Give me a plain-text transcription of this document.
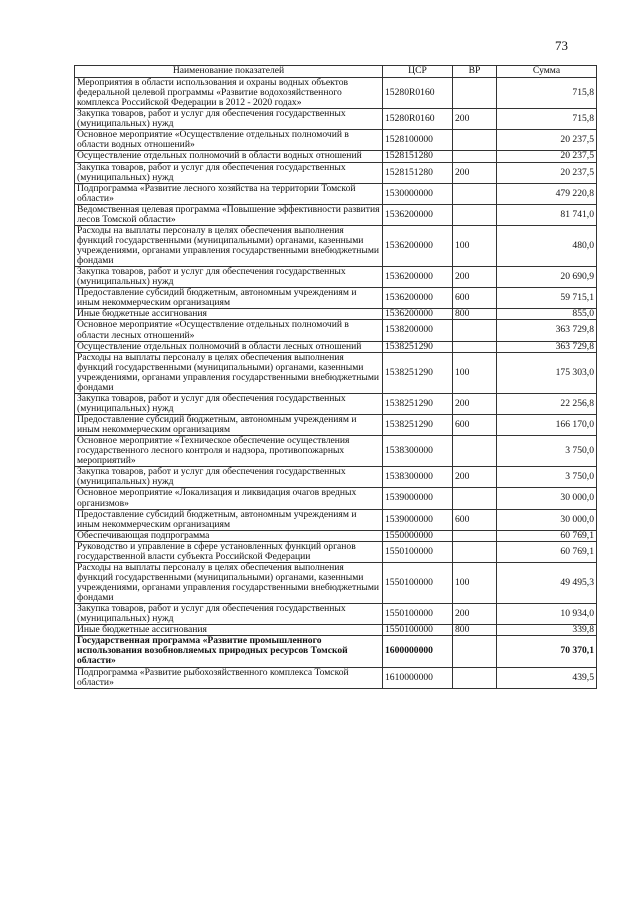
73
Наименование показателей	ЦСР	ВР	Сумма
Мероприятия в области использования и охраны водных объектов федеральной целевой программы «Развитие водохозяйственного комплекса Российской Федерации в 2012 - 2020 годах»	15280R0160		715,8
Закупка товаров, работ и услуг для обеспечения государственных (муниципальных) нужд	15280R0160	200	715,8
Основное мероприятие «Осуществление отдельных полномочий в области водных отношений»	1528100000		20 237,5
Осуществление отдельных полномочий в области водных отношений	1528151280		20 237,5
Закупка товаров, работ и услуг для обеспечения государственных (муниципальных) нужд	1528151280	200	20 237,5
Подпрограмма «Развитие лесного хозяйства на территории Томской области»	1530000000		479 220,8
Ведомственная целевая программа «Повышение эффективности развития лесов Томской области»	1536200000		81 741,0
Расходы на выплаты персоналу в целях обеспечения выполнения функций государственными (муниципальными) органами, казенными учреждениями, органами управления государственными внебюджетными фондами	1536200000	100	480,0
Закупка товаров, работ и услуг для обеспечения государственных (муниципальных) нужд	1536200000	200	20 690,9
Предоставление субсидий бюджетным, автономным учреждениям и иным некоммерческим организациям	1536200000	600	59 715,1
Иные бюджетные ассигнования	1536200000	800	855,0
Основное мероприятие «Осуществление отдельных полномочий в области лесных отношений»	1538200000		363 729,8
Осуществление отдельных полномочий в области лесных отношений	1538251290		363 729,8
Расходы на выплаты персоналу в целях обеспечения выполнения функций государственными (муниципальными) органами, казенными учреждениями, органами управления государственными внебюджетными фондами	1538251290	100	175 303,0
Закупка товаров, работ и услуг для обеспечения государственных (муниципальных) нужд	1538251290	200	22 256,8
Предоставление субсидий бюджетным, автономным учреждениям и иным некоммерческим организациям	1538251290	600	166 170,0
Основное мероприятие «Техническое обеспечение осуществления государственного лесного контроля и надзора, противопожарных мероприятий»	1538300000		3 750,0
Закупка товаров, работ и услуг для обеспечения государственных (муниципальных) нужд	1538300000	200	3 750,0
Основное мероприятие «Локализация и ликвидация очагов вредных организмов»	1539000000		30 000,0
Предоставление субсидий бюджетным, автономным учреждениям и иным некоммерческим организациям	1539000000	600	30 000,0
Обеспечивающая подпрограмма	1550000000		60 769,1
Руководство и управление в сфере установленных функций органов государственной власти субъекта Российской Федерации	1550100000		60 769,1
Расходы на выплаты персоналу в целях обеспечения выполнения функций государственными (муниципальными) органами, казенными учреждениями, органами управления государственными внебюджетными фондами	1550100000	100	49 495,3
Закупка товаров, работ и услуг для обеспечения государственных (муниципальных) нужд	1550100000	200	10 934,0
Иные бюджетные ассигнования	1550100000	800	339,8
Государственная программа «Развитие промышленного использования возобновляемых природных ресурсов Томской области»	1600000000		70 370,1
Подпрограмма «Развитие рыбохозяйственного комплекса Томской области»	1610000000		439,5
